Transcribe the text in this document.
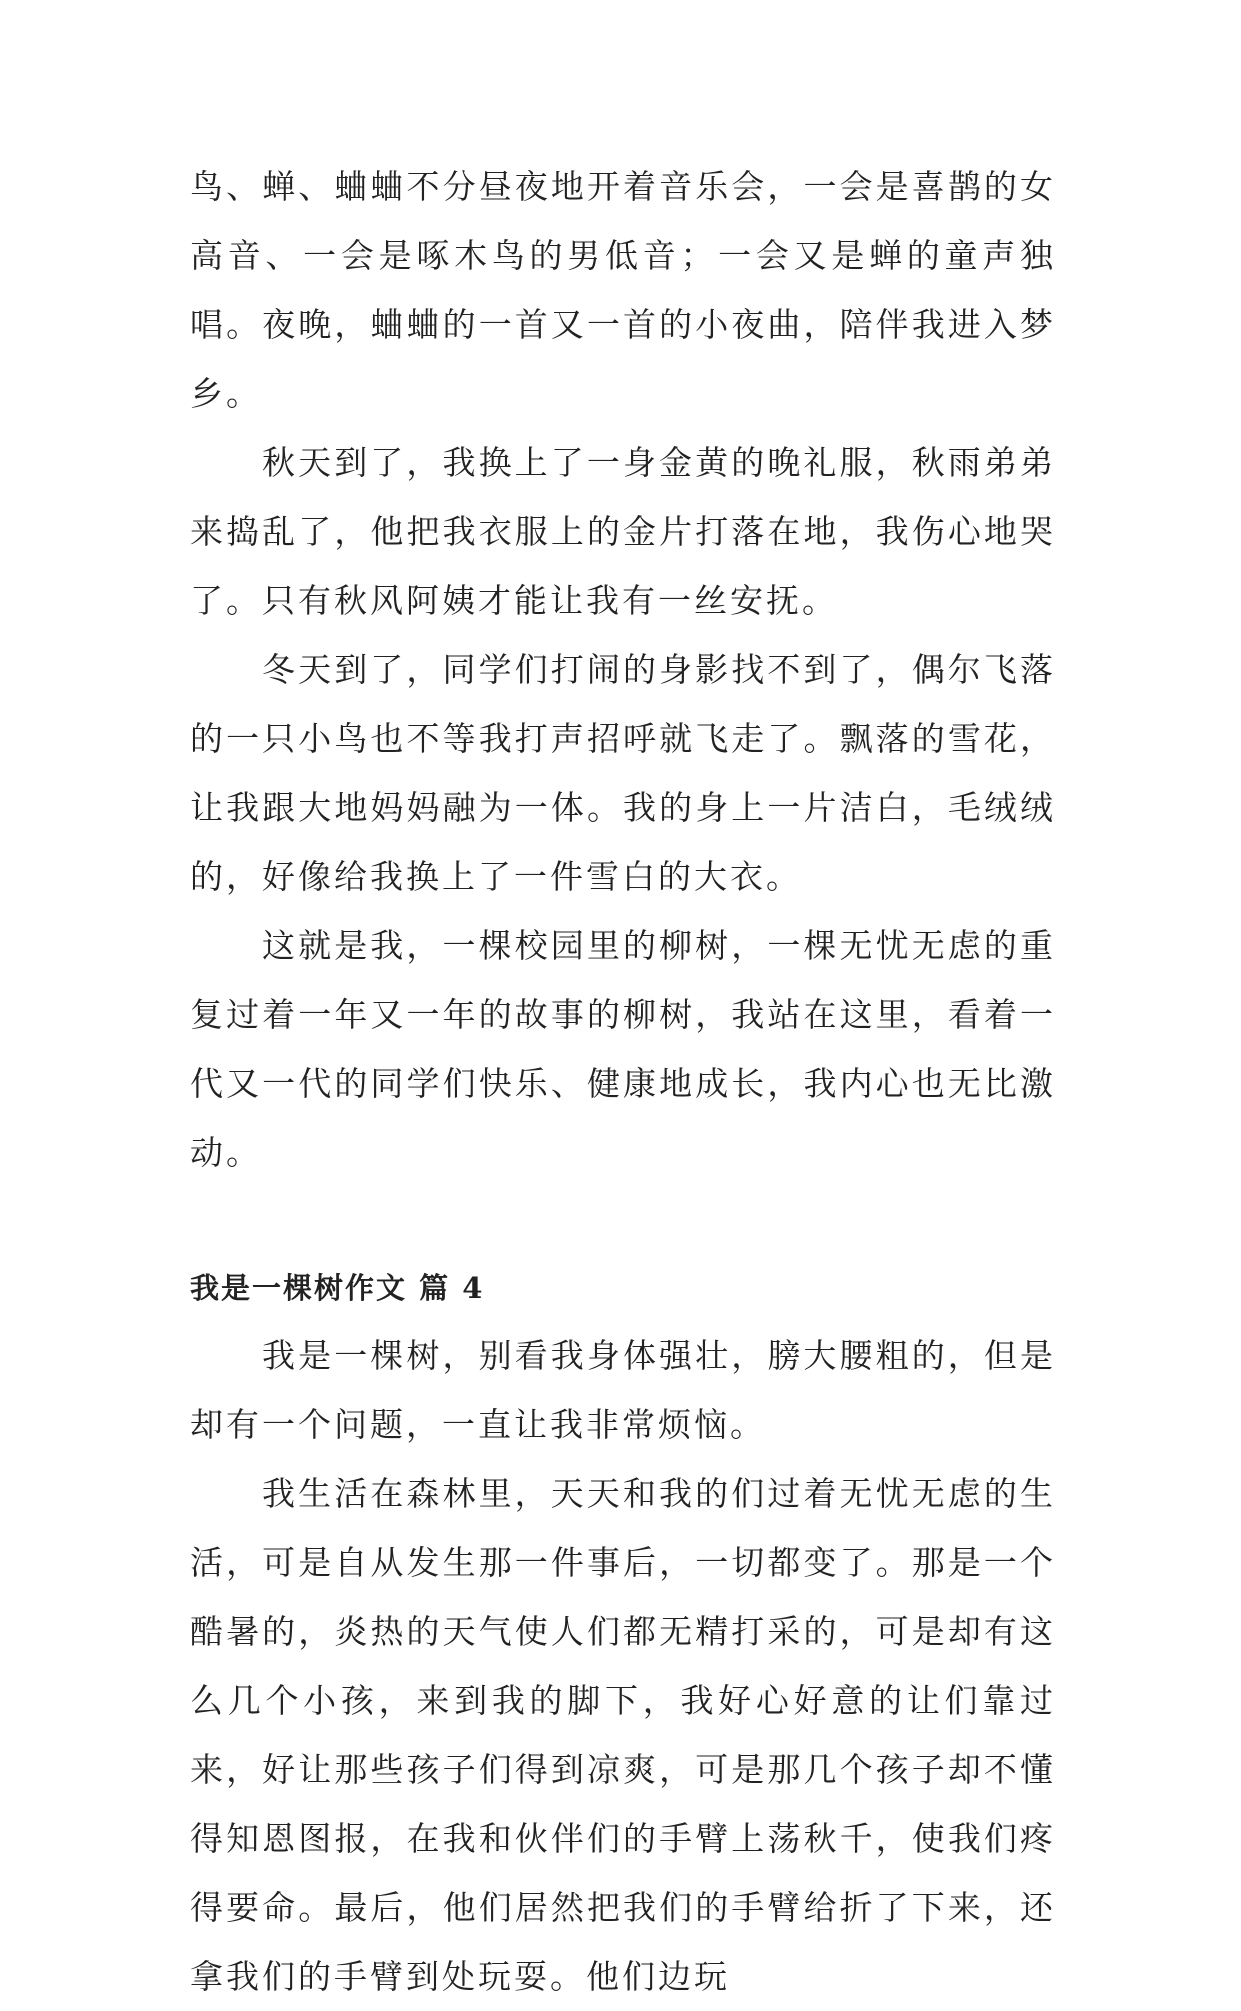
鸟、蝉、蛐蛐不分昼夜地开着音乐会，一会是喜鹊的女高音、一会是啄木鸟的男低音；一会又是蝉的童声独唱。夜晚，蛐蛐的一首又一首的小夜曲，陪伴我进入梦乡。

秋天到了，我换上了一身金黄的晚礼服，秋雨弟弟来捣乱了，他把我衣服上的金片打落在地，我伤心地哭了。只有秋风阿姨才能让我有一丝安抚。

冬天到了，同学们打闹的身影找不到了，偶尔飞落的一只小鸟也不等我打声招呼就飞走了。飘落的雪花，让我跟大地妈妈融为一体。我的身上一片洁白，毛绒绒的，好像给我换上了一件雪白的大衣。

这就是我，一棵校园里的柳树，一棵无忧无虑的重复过着一年又一年的故事的柳树，我站在这里，看着一代又一代的同学们快乐、健康地成长，我内心也无比激动。

我是一棵树作文 篇 4

我是一棵树，别看我身体强壮，膀大腰粗的，但是却有一个问题，一直让我非常烦恼。

我生活在森林里，天天和我的们过着无忧无虑的生活，可是自从发生那一件事后，一切都变了。那是一个酷暑的，炎热的天气使人们都无精打采的，可是却有这么几个小孩，来到我的脚下，我好心好意的让们靠过来，好让那些孩子们得到凉爽，可是那几个孩子却不懂得知恩图报，在我和伙伴们的手臂上荡秋千，使我们疼得要命。最后，他们居然把我们的手臂给折了下来，还拿我们的手臂到处玩耍。他们边玩
